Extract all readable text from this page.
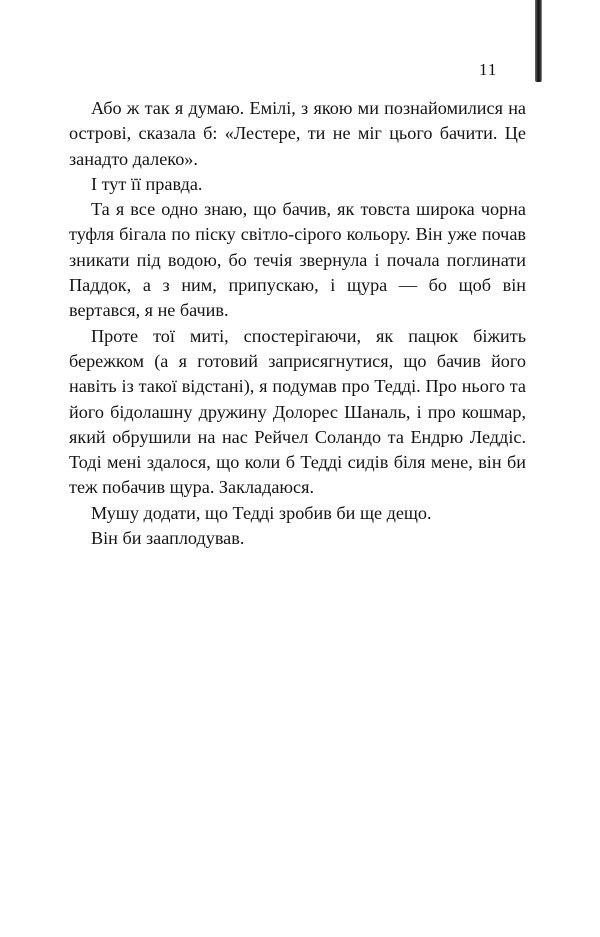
11

Або ж так я думаю. Емілі, з якою ми познайомилися на острові, сказала б: «Лестере, ти не міг цього бачити. Це занадто далеко».

І тут її правда.

Та я все одно знаю, що бачив, як товста широка чорна туфля бігала по піску світло-сірого кольору. Він уже почав зникати під водою, бо течія звернула і почала поглинати Паддок, а з ним, припускаю, і щура — бо щоб він вертався, я не бачив.

Проте тої миті, спостерігаючи, як пацюк біжить бережком (а я готовий заприсягнутися, що бачив його навіть із такої відстані), я подумав про Тедді. Про нього та його бідолашну дружину Долорес Шаналь, і про кошмар, який обрушили на нас Рейчел Соландо та Ендрю Леддіс. Тоді мені здалося, що коли б Тедді сидів біля мене, він би теж побачив щура. Закладаюся.

Мушу додати, що Тедді зробив би ще дещо.

Він би зааплодував.
